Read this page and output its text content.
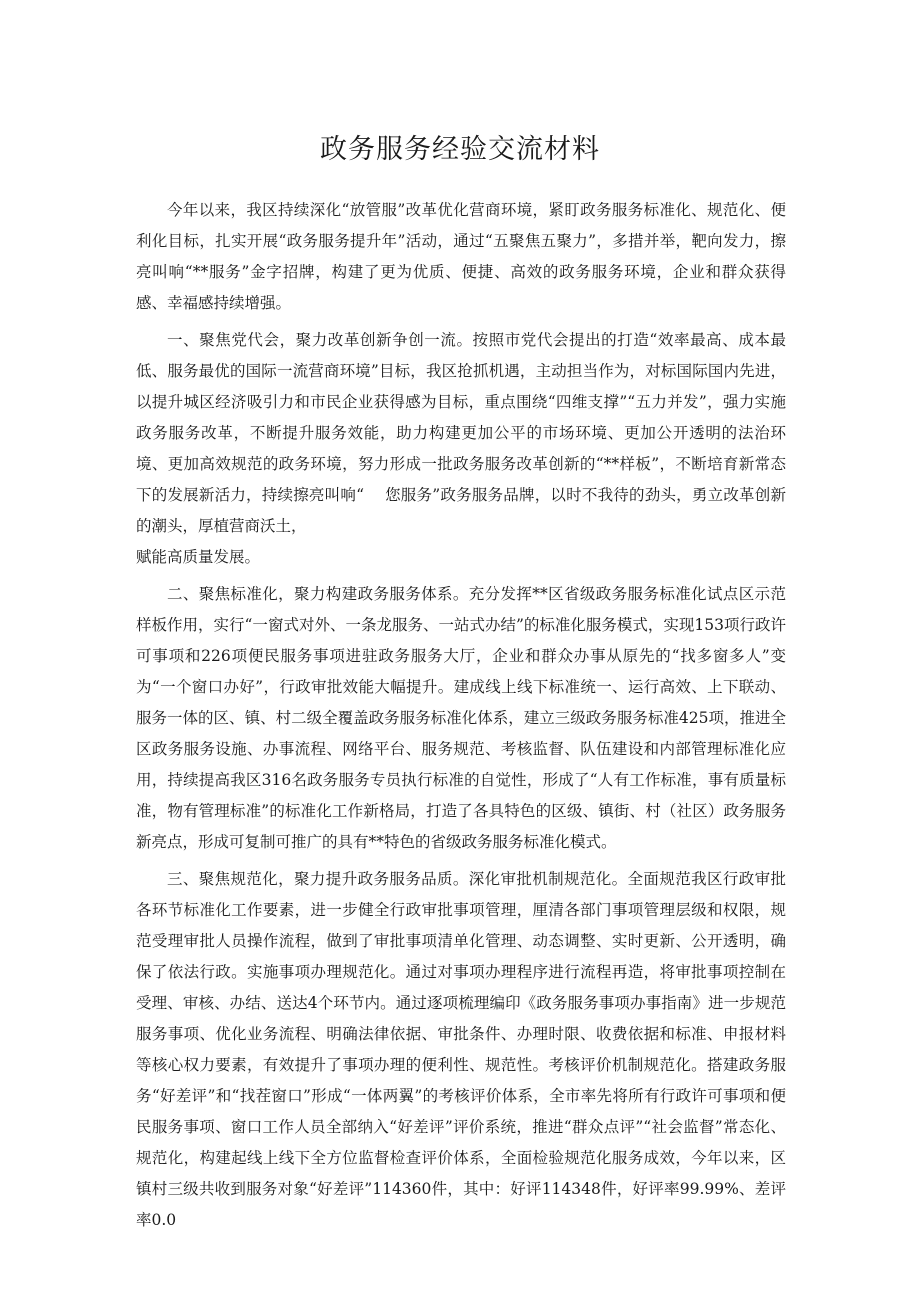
政务服务经验交流材料

今年以来，我区持续深化“放管服”改革优化营商环境，紧盯政务服务标准化、规范化、便利化目标，扎实开展“政务服务提升年”活动，通过“五聚焦五聚力”，多措并举，靶向发力，擦亮叫响“**服务”金字招牌，构建了更为优质、便捷、高效的政务服务环境，企业和群众获得感、幸福感持续增强。

一、聚焦党代会，聚力改革创新争创一流。按照市党代会提出的打造“效率最高、成本最低、服务最优的国际一流营商环境”目标，我区抢抓机遇，主动担当作为，对标国际国内先进，以提升城区经济吸引力和市民企业获得感为目标，重点围绕“四维支撑”“五力并发”，强力实施政务服务改革，不断提升服务效能，助力构建更加公平的市场环境、更加公开透明的法治环境、更加高效规范的政务环境，努力形成一批政务服务改革创新的“**样板”，不断培育新常态下的发展新活力，持续擦亮叫响“　 您服务”政务服务品牌，以时不我待的劲头，勇立改革创新的潮头，厚植营商沃土，

赋能高质量发展。

二、聚焦标准化，聚力构建政务服务体系。充分发挥**区省级政务服务标准化试点区示范样板作用，实行“一窗式对外、一条龙服务、一站式办结”的标准化服务模式，实现153项行政许可事项和226项便民服务事项进驻政务服务大厅，企业和群众办事从原先的“找多窗多人”变为“一个窗口办好”，行政审批效能大幅提升。建成线上线下标准统一、运行高效、上下联动、服务一体的区、镇、村二级全覆盖政务服务标准化体系，建立三级政务服务标准425项，推进全区政务服务设施、办事流程、网络平台、服务规范、考核监督、队伍建设和内部管理标准化应用，持续提高我区316名政务服务专员执行标准的自觉性，形成了“人有工作标准，事有质量标准，物有管理标准”的标准化工作新格局，打造了各具特色的区级、镇街、村（社区）政务服务新亮点，形成可复制可推广的具有**特色的省级政务服务标准化模式。

三、聚焦规范化，聚力提升政务服务品质。深化审批机制规范化。全面规范我区行政审批各环节标准化工作要素，进一步健全行政审批事项管理，厘清各部门事项管理层级和权限，规范受理审批人员操作流程，做到了审批事项清单化管理、动态调整、实时更新、公开透明，确保了依法行政。实施事项办理规范化。通过对事项办理程序进行流程再造，将审批事项控制在受理、审核、办结、送达4个环节内。通过逐项梳理编印《政务服务事项办事指南》进一步规范服务事项、优化业务流程、明确法律依据、审批条件、办理时限、收费依据和标准、申报材料等核心权力要素，有效提升了事项办理的便利性、规范性。考核评价机制规范化。搭建政务服务“好差评”和“找茬窗口”形成“一体两翼”的考核评价体系，全市率先将所有行政许可事项和便民服务事项、窗口工作人员全部纳入“好差评”评价系统，推进“群众点评”“社会监督”常态化、规范化，构建起线上线下全方位监督检查评价体系，全面检验规范化服务成效，今年以来，区镇村三级共收到服务对象“好差评”114360件，其中：好评114348件，好评率99.99%、差评率0.0
